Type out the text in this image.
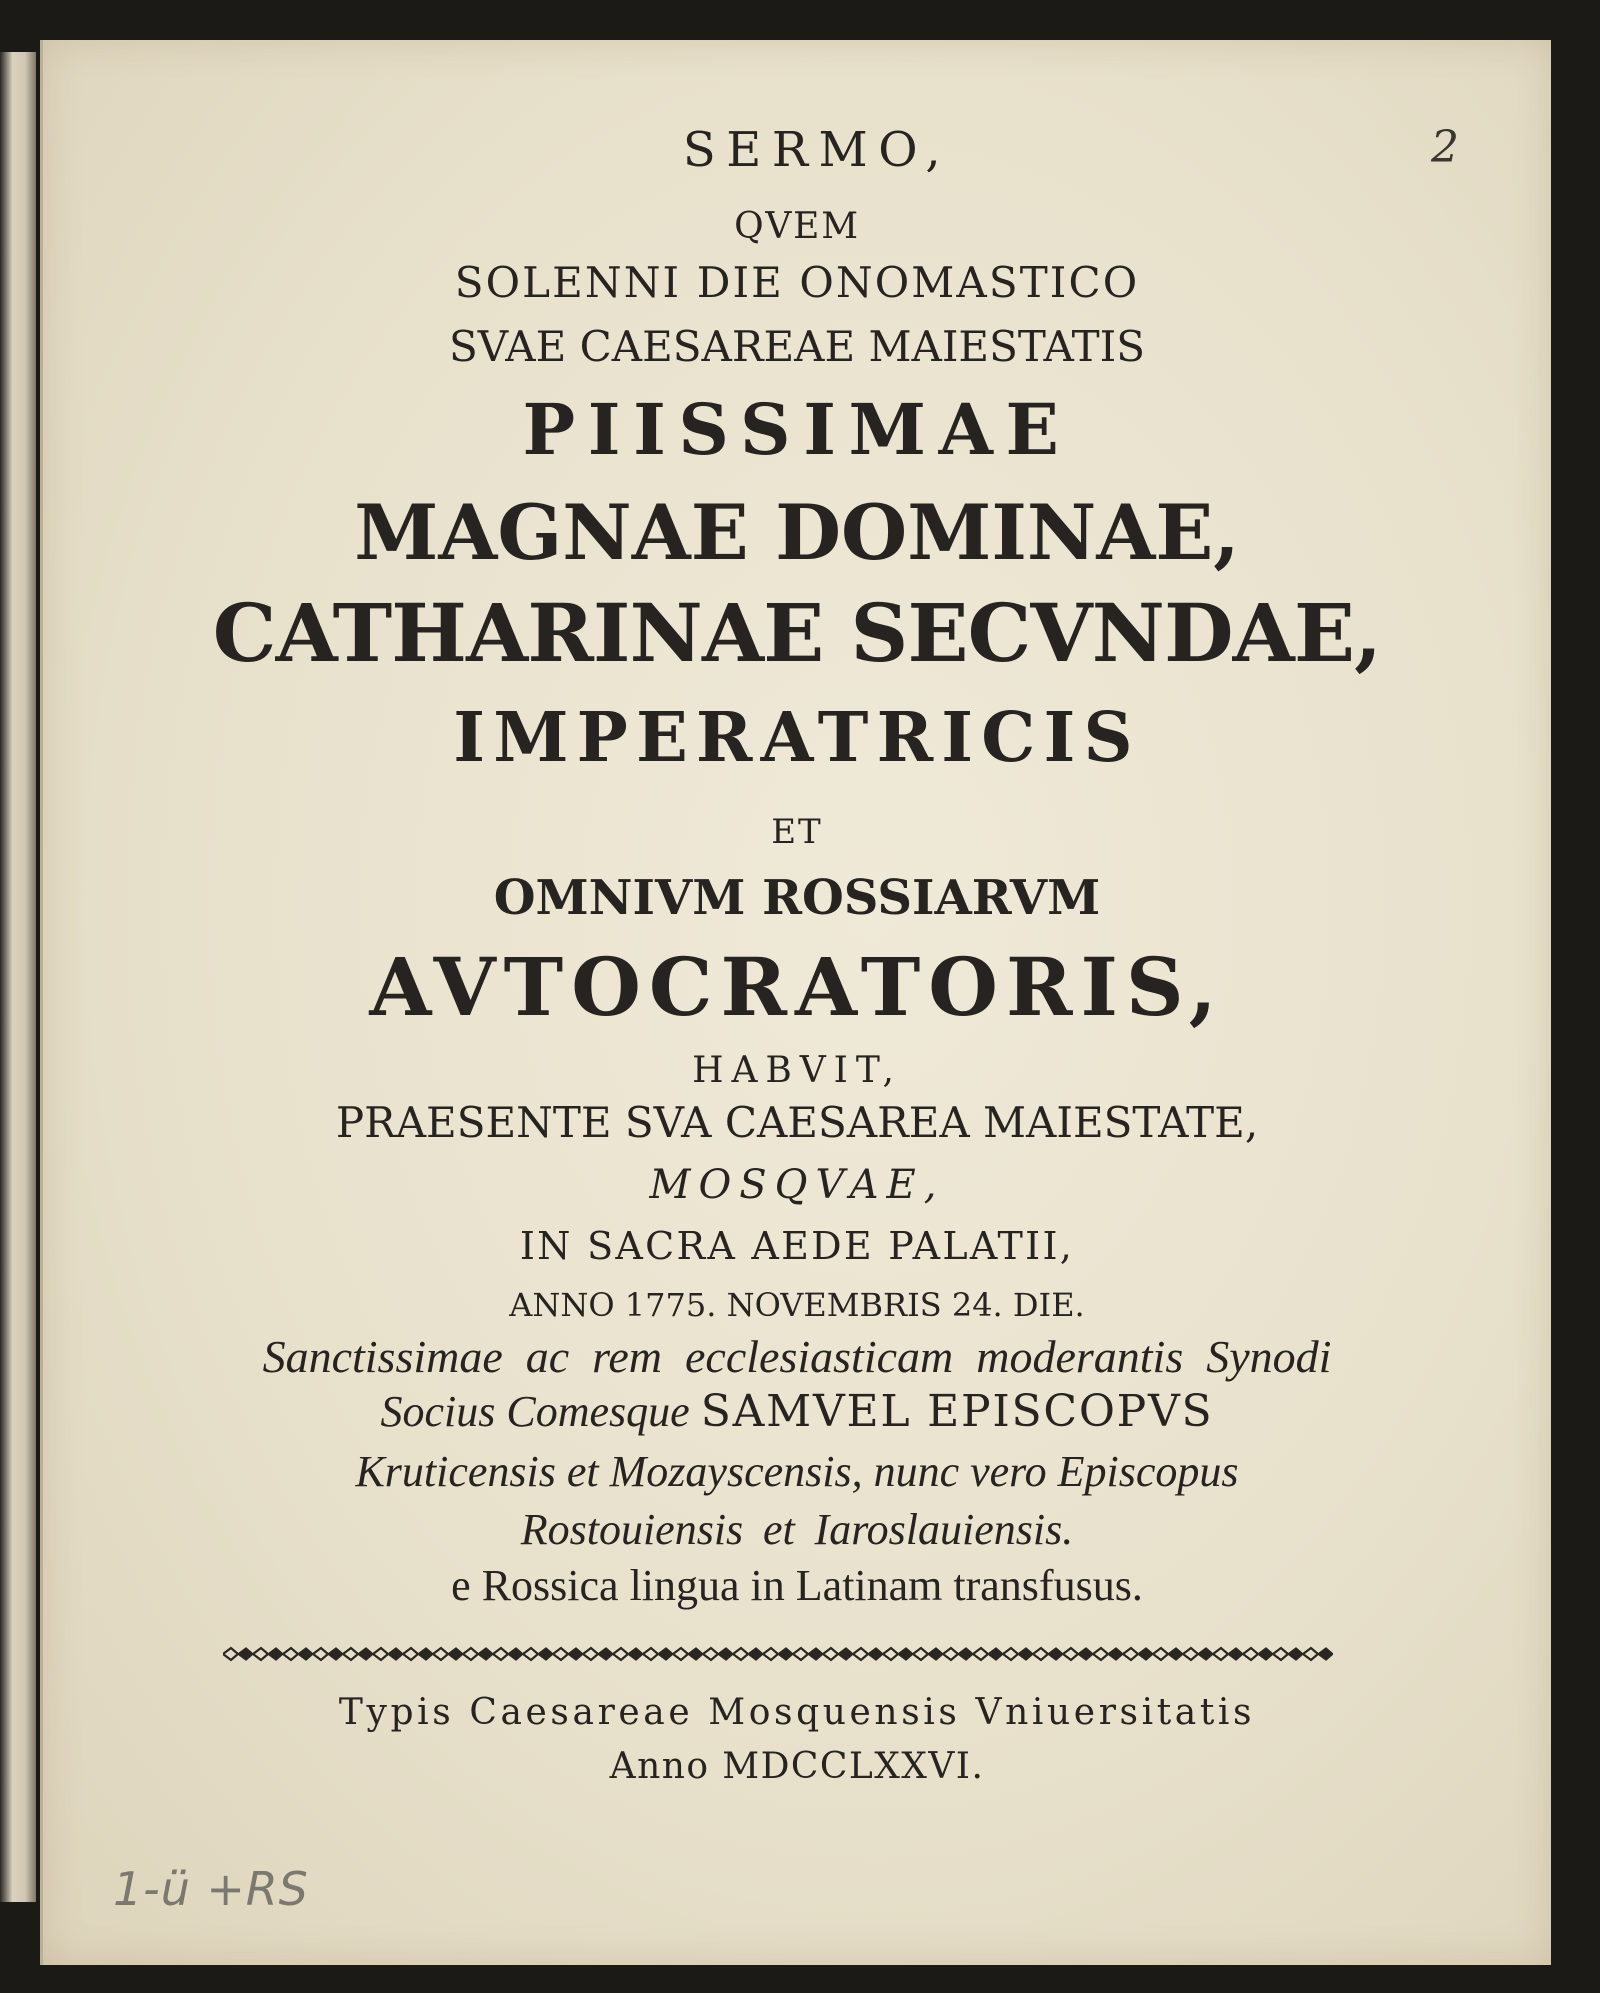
2
SERMO,
QVEM
SOLENNI DIE ONOMASTICO
SVAE CAESAREAE MAIESTATIS
PIISSIMAE
MAGNAE DOMINAE,
CATHARINAE SECVNDAE,
IMPERATRICIS
ET
OMNIVM ROSSIARVM
AVTOCRATORIS,
HABVIT,
PRAESENTE SVA CAESAREA MAIESTATE,
MOSQVAE,
IN SACRA AEDE PALATII,
ANNO 1775. NOVEMBRIS 24. DIE.
Sanctissimae ac rem ecclesiasticam moderantis Synodi
Socius Comesque SAMVEL EPISCOPVS
Kruticensis et Mozayscensis, nunc vero Episcopus
Rostouiensis et Iaroslauiensis.
e Rossica lingua in Latinam transfusus.
Typis Caesareae Mosquensis Vniuersitatis
Anno MDCCLXXVI.
1-ü +RS
